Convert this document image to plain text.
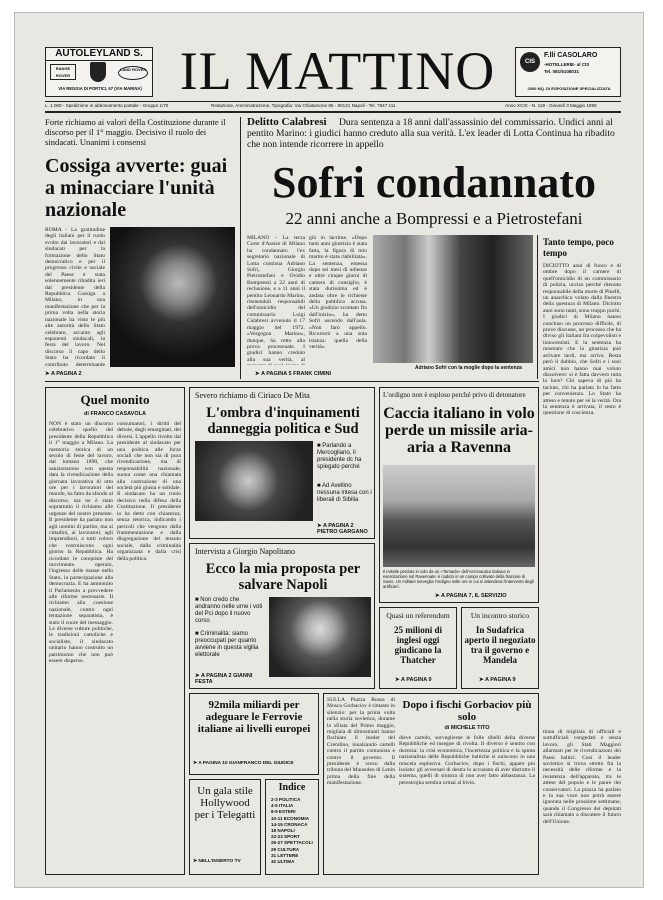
AUTOLEYLAND S.
RANGE ROVER
LAND ROVER
VIA REGGIA DI PORTICI, 67 (VIA MARINA) IL MATTINO	CIS
F.lli CASOLARO
-HOTELLERIE- al CIS
Tel. 081/5108031
2000 MQ. DI ESPOSIZIONE SPECIALIZZATA
L. 1.000 - Spedizione in abbonamento postale - Gruppo 1/70	Redazione, Amministrazione, Tipografia: Via Chiatamone 65 - 80121 Napoli - Tel. 7947 111	Anno XCIX - N. 119 - Giovedì 3 Maggio 1990
Forte richiamo ai valori della Costituzione durante il discorso per il 1° maggio. Decisivo il ruolo dei sindacati. Unanimi i consensi
Cossiga avverte: guai a minacciare l'unità nazionale
ROMA - La gratitudine degli italiani per il ruolo svolto dai lavoratori e dai sindacati per la formazione dello Stato democratico e per il progresso civile e sociale del Paese è stata solennemente ribadita ieri dal presidente della Repubblica Cossiga a Milano, in una manifestazione che per la prima volta nella storia nazionale ha visto le più alte autorità dello Stato celebrare, accanto agli esponenti sindacali, la festa del lavoro. Nel discorso il capo dello Stato ha ricordato il contributo determinante
➤ A PAGINA 2
Delitto Calabresi	Dura sentenza a 18 anni dall'assassinio del commissario. Undici anni al pentito Marino: i giudici hanno creduto alla sua verità. L'ex leader di Lotta Continua ha ribadito che non intende ricorrere in appello
Sofri condannato
22 anni anche a Bompressi e a Pietrostefani
MILANO - La terza Corte d'Assise di Milano ha condannato l'ex segretario nazionale di Lotta continua Adriano Sofri, Giorgio Pietrostefani e Ovidio Bompressi a 22 anni di reclusione, e a 11 anni il pentito Leonardo Marino, ritenendoli responsabili dell'omicidio del commissario Luigi Calabresi avvenuto il 17 maggio del 1972. «Vergogna Marino», dunque, ha retto alla prova processuale. I giudici hanno creduto alla sua verità, al
giù in lacrime. «Dopo tanti anni giustizia è stata fatta, la figura di mio marito è stata riabilitata». La sentenza, emessa dopo sei mesi di udienze e oltre cinque giorni di camera di consiglio, è stata durissima ed è andata oltre le richieste della pubblica accusa. «Un giudizio scontato fin dall'inizio», ha detto Sofri uscendo dall'aula. «Non farò appello. Ricorrerò a una sola istanza: quella della verità».
Adriano Sofri con la moglie dopo la sentenza
➤ A PAGINA 5 FRANK CIMINI
Tanto tempo, poco tempo
DICIOTTO anni di fuoco e di ombre dopo il carnere di quell'omicidio di un commissario di polizia, ucciso perché ritenuto responsabile della morte di Pinelli, un anarchico volato dalla finestra della questura di Milano. Diciotto anni sono tanti, sono troppo pochi. I giudici di Milano hanno concluso un processo difficile, di prove discusse, un processo che ha diviso gli italiani fra colpevolisti e innocentisti. E la sentenza ha mostrato che la giustizia può arrivare tardi, ma arriva. Resta però il dubbio, che Sofri e i suoi amici non hanno mai voluto dissolvere: si è fatta davvero tutta la luce? Chi sapeva di più ha taciuto, chi ha parlato lo ha fatto per convenienza. Lo Stato ha atteso e tenuto per sé la verità. Ora la sentenza è arrivata, il resto è questione di coscienza.
Quel monito
di FRANCO CASAVOLA
NON è stato un discorso celebrativo quello del presidente della Repubblica il 1° maggio a Milano. La memoria storica di un secolo di feste del lavoro, dal lontano 1890, che sanzionarono con questa data la rivendicazione della giornata lavorativa di otto ore per i lavoratori del mondo, ha fatto da sfondo al discorso, ma ne è stato soprattutto il richiamo alle urgenze del nostro presente. Il presidente ha parlato non agli uomini di partito, ma ai cittadini, ai lavoratori, agli imprenditori, a tutti coloro che costruiscono ogni giorno la Repubblica. Ha ricordato le conquiste del movimento operaio, l'ingresso delle masse nello Stato, la partecipazione alla democrazia. E ha ammonito il Parlamento a provvedere alle riforme necessarie. Il richiamo alla coesione nazionale, contro ogni tentazione separatista, è stato il cuore del messaggio. Le diverse culture politiche, le tradizioni cattoliche e socialiste, il sindacato unitario hanno costruito un patrimonio che non può essere disperso.
consumatori, i diritti del debole, degli emarginati, dei diversi. L'appello rivolto dal presidente al sindacato per una politica alle forze sociali che non sia di pura rivendicazione, ma di responsabilità nazionale, suona come una chiamata alla costruzione di una società più giusta e solidale. Il sindacato ha un ruolo decisivo nella difesa della Costituzione. Il presidente lo ha detto con chiarezza, senza retorica, indicando i pericoli che vengono dalla frammentazione e dalla disgregazione del tessuto sociale, dalla criminalità organizzata e dalla crisi della politica.
Severo richiamo di Ciriaco De Mita
L'ombra d'inquinamenti danneggia politica e Sud
■ Parlando a Mercogliano, il presidente dc ha spiegato perché
■ Ad Avellino nessuna intesa con i liberali di Sibilia
➤ A PAGINA 2 PIETRO GARGANO
Intervista a Giorgio Napolitano
Ecco la mia proposta per salvare Napoli
■ Non credo che andranno nelle urne i voti del Pci dopo il nuovo corso
■ Criminalità: siamo preoccupati per quanto avviene in questa vigilia elettorale
➤ A PAGINA 2 GIANNI FESTA
L'ordigno non è esploso perché privo di detonatore
Caccia italiano in volo perde un missile aria-aria a Ravenna
Il missile perduto in volo da un «Tornado» dell'Aeronautica italiana in esercitazione sul Ravennate: è caduto in un campo coltivato della frazione di Savio. Un militare sorveglia l'ordigno nelle ore in cui si attendeva l'intervento degli artificieri.
➤ A PAGINA 7, IL SERVIZIO
Quasi un referendum
25 milioni di inglesi oggi giudicano la Thatcher
➤ A PAGINA 9
Un incontro storico
In Sudafrica aperto il negoziato tra il governo e Mandela
➤ A PAGINA 9
92mila miliardi per adeguare le Ferrovie italiane ai livelli europei
➤ A PAGINA 10 GIANFRANCO DEL GIUDICE
Un gala stile Hollywood per i Telegatti
➤ NELL'INSERTO TV
Indice
2-3 POLITICA
4-5 ITALIA
8-9 ESTERI
10-11 ECONOMIA
14-15 CRONACA
18 NAPOLI
22-23 SPORT
26-27 SPETTACOLI
29 CULTURA
31 LETTERE
32 ULTIMA
SULLA Piazza Rossa di Mosca Gorbaciov è rimasto in silenzio: per la prima volta nella storia sovietica, durante la sfilata del Primo maggio, migliaia di dimostranti hanno fischiato il leader del Cremlino, innalzando cartelli contro il partito comunista e contro il governo. Il presidente è sceso dalla tribuna del Mausoleo di Lenin prima della fine della manifestazione.
Dopo i fischi Gorbaciov più solo
di MICHELE TITO
dieve cartolo, sorveglierne le folle ribelli della diverse Repubbliche ed insegne di rivolta. Il diverso è sentito con durezza: la crisi economica, l'incertezza politica e la spinta nazionalista delle Repubbliche baltiche si uniscono in una miscela esplosiva. Gorbaciov, dopo i fischi, appare più isolato: gli avversari di destra lo accusano di aver distrutto il sistema, quelli di sinistra di non aver fatto abbastanza. La perestrojka sembra ormai al bivio.
tinua di migliaia di ufficiali e sottufficiali congedati e senza lavoro, gli Stati Maggiori allarmati per le rivendicazioni dei Paesi baltici. Così il leader sovietico si trova stretto fra la necessità delle riforme e la resistenza dell'apparato, tra le attese del popolo e le paure dei conservatori. La piazza ha parlato e la sua voce non potrà essere ignorata nelle prossime settimane, quando il Congresso dei deputati sarà chiamato a discutere il futuro dell'Unione.
